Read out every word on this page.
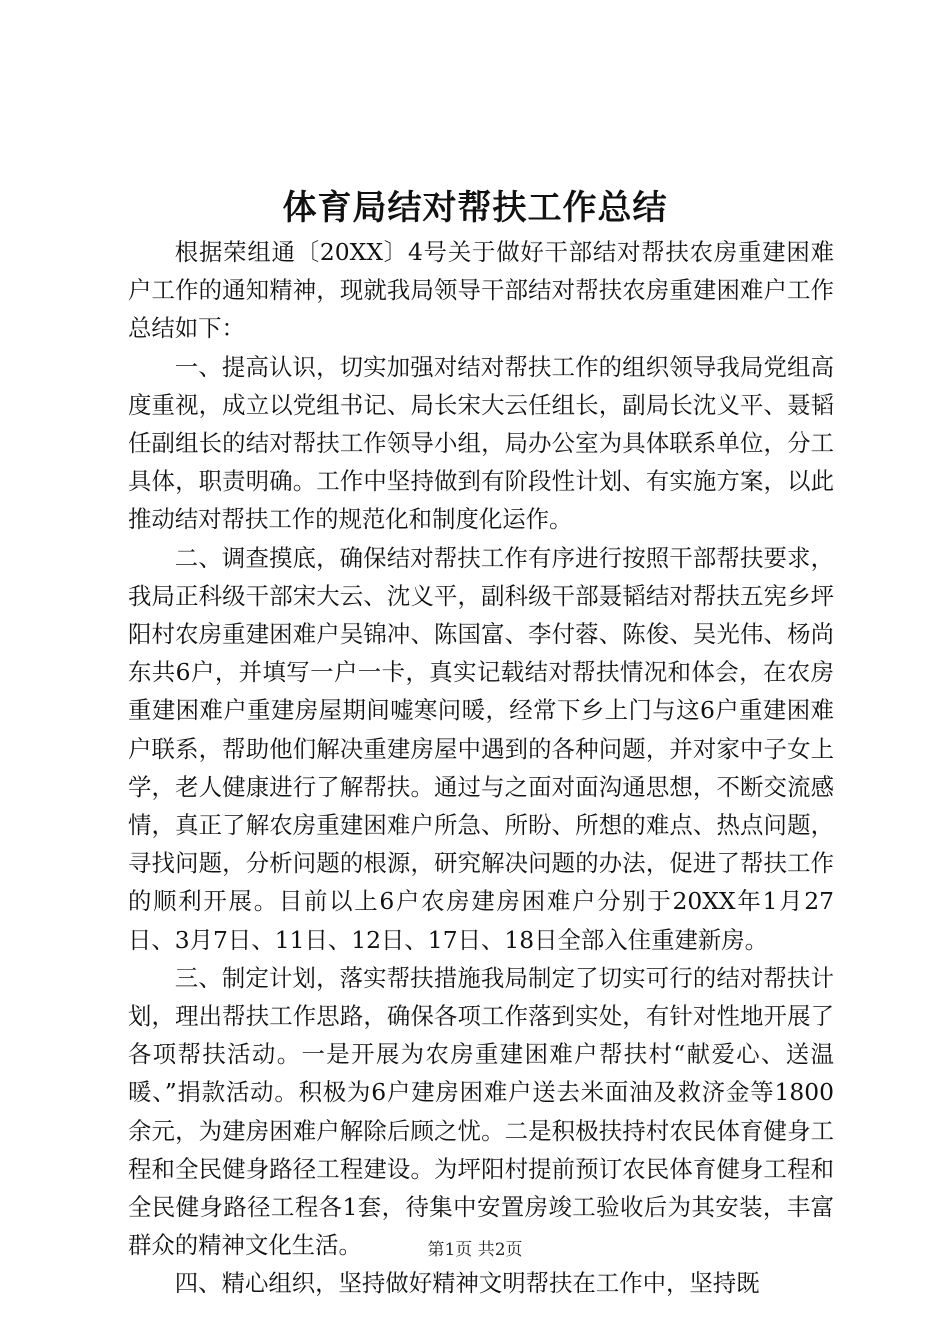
体育局结对帮扶工作总结

根据荣组通〔20XX〕4号关于做好干部结对帮扶农房重建困难户工作的通知精神，现就我局领导干部结对帮扶农房重建困难户工作总结如下：

一、提高认识，切实加强对结对帮扶工作的组织领导我局党组高度重视，成立以党组书记、局长宋大云任组长，副局长沈义平、聂韬任副组长的结对帮扶工作领导小组，局办公室为具体联系单位，分工具体，职责明确。工作中坚持做到有阶段性计划、有实施方案，以此推动结对帮扶工作的规范化和制度化运作。

二、调查摸底，确保结对帮扶工作有序进行按照干部帮扶要求，我局正科级干部宋大云、沈义平，副科级干部聂韬结对帮扶五宪乡坪阳村农房重建困难户吴锦冲、陈国富、李付蓉、陈俊、吴光伟、杨尚东共6户，并填写一户一卡，真实记载结对帮扶情况和体会，在农房重建困难户重建房屋期间嘘寒问暖，经常下乡上门与这6户重建困难户联系，帮助他们解决重建房屋中遇到的各种问题，并对家中子女上学，老人健康进行了解帮扶。通过与之面对面沟通思想，不断交流感情，真正了解农房重建困难户所急、所盼、所想的难点、热点问题，寻找问题，分析问题的根源，研究解决问题的办法，促进了帮扶工作的顺利开展。目前以上6户农房建房困难户分别于20XX年1月27日、3月7日、11日、12日、17日、18日全部入住重建新房。

三、制定计划，落实帮扶措施我局制定了切实可行的结对帮扶计划，理出帮扶工作思路，确保各项工作落到实处，有针对性地开展了各项帮扶活动。一是开展为农房重建困难户帮扶村“献爱心、送温暖、”捐款活动。积极为6户建房困难户送去米面油及救济金等1800余元，为建房困难户解除后顾之忧。二是积极扶持村农民体育健身工程和全民健身路径工程建设。为坪阳村提前预订农民体育健身工程和全民健身路径工程各1套，待集中安置房竣工验收后为其安装，丰富群众的精神文化生活。

四、精心组织，坚持做好精神文明帮扶在工作中，坚持既

第1页 共2页
